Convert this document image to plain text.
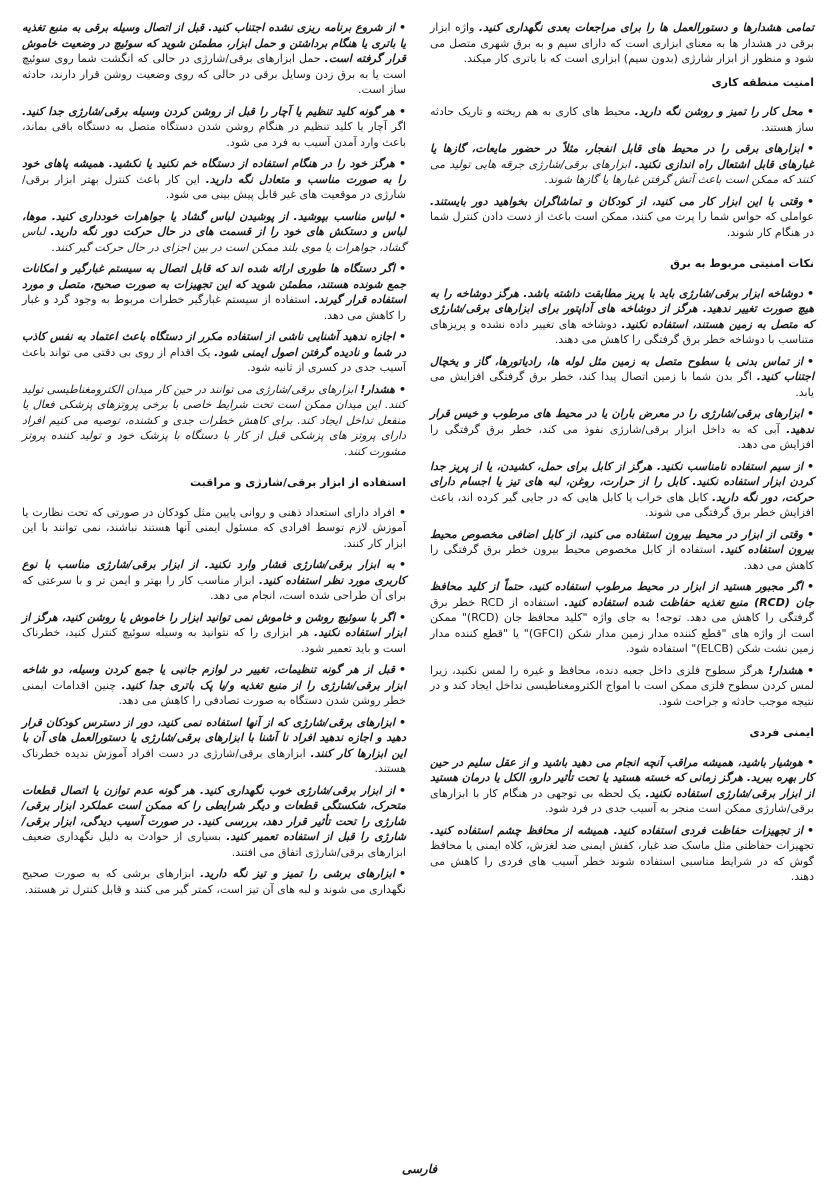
تمامی هشدارها و دستورالعمل ها را برای مراجعات بعدی نگهداری کنید. واژه ابزار برقی در هشدار ها به معنای ابزاری است که دارای سیم و به برق شهری متصل می شود و منظور از ابزار شارژی (بدون سیم) ابزاری است که با باتری کار میکند.

امنیت منطقه کاری

•محل کار را تمیز و روشن نگه دارید. محیط های کاری به هم ریخته و تاریک حادثه ساز هستند.

•ابزارهای برقی را در محیط های قابل انفجار، مثلاً در حضور مایعات، گازها یا غبارهای قابل اشتعال راه اندازی نکنید. ابزارهای برقی/شارژی جرقه هایی تولید می کنند که ممکن است باعث آتش گرفتن غبارها یا گازها شوند.

•وقتی با این ابزار کار می کنید، از کودکان و تماشاگران بخواهید دور بایستند. عواملی که حواس شما را پرت می کنند، ممکن است باعث از دست دادن کنترل شما در هنگام کار شوند.

نکات امنیتی مربوط به برق

•دوشاخه ابزار برقی/شارژی باید با پریز مطابقت داشته باشد. هرگز دوشاخه را به هیچ صورت تغییر ندهید. هرگز از دوشاخه های آداپتور برای ابزارهای برقی/شارژی که متصل به زمین هستند، استفاده نکنید. دوشاخه های تغییر داده نشده و پریزهای متناسب با دوشاخه خطر برق گرفتگی را کاهش می دهند.

•از تماس بدنی با سطوح متصل به زمین مثل لوله ها، رادیاتورها، گاز و یخچال اجتناب کنید. اگر بدن شما با زمین اتصال پیدا کند، خطر برق گرفتگی افزایش می یابد.

•ابزارهای برقی/شارژی را در معرض باران یا در محیط های مرطوب و خیس قرار ندهید. آبی که به داخل ابزار برقی/شارژی نفوذ می کند، خطر برق گرفتگی را افزایش می دهد.

•از سیم استفاده نامناسب نکنید. هرگز از کابل برای حمل، کشیدن، یا از پریز جدا کردن ابزار استفاده نکنید. کابل را از حرارت، روغن، لبه های تیز یا اجسام دارای حرکت، دور نگه دارید. کابل های خراب یا کابل هایی که در جایی گیر کرده اند، باعث افزایش خطر برق گرفتگی می شوند.

•وقتی از ابزار در محیط بیرون استفاده می کنید، از کابل اضافی مخصوص محیط بیرون استفاده کنید. استفاده از کابل مخصوص محیط بیرون خطر برق گرفتگی را کاهش می دهد.

•اگر مجبور هستید از ابزار در محیط مرطوب استفاده کنید، حتماً از کلید محافظ جان (RCD) منبع تغذیه حفاظت شده استفاده کنید. استفاده از RCD خطر برق گرفتگی را کاهش می دهد. توجه! به جای واژه "کلید محافظ جان (RCD)" ممکن است از واژه های "قطع کننده مدار زمین مدار شکن (GFCI)" یا "قطع کننده مدار زمین نشت شکن (ELCB)" استفاده شود.

•هشدار! هرگز سطوح فلزی داخل جعبه دنده، محافظ و غیره را لمس نکنید، زیرا لمس کردن سطوح فلزی ممکن است با امواج الکترومغناطیسی تداخل ایجاد کند و در نتیجه موجب حادثه و جراحت شود.

ایمنی فردی

•هوشیار باشید، همیشه مراقب آنچه انجام می دهید باشید و از عقل سلیم در حین کار بهره ببرید. هرگز زمانی که خسته هستید یا تحت تأثیر دارو، الکل یا درمان هستید از ابزار برقی/شارژی استفاده نکنید. یک لحظه بی توجهی در هنگام کار با ابزارهای برقی/شارژی ممکن است منجر به آسیب جدی در فرد شود.

•از تجهیزات حفاظت فردی استفاده کنید. همیشه از محافظ چشم استفاده کنید. تجهیزات حفاظتی مثل ماسک ضد غبار، کفش ایمنی ضد لغزش، کلاه ایمنی یا محافظ گوش که در شرایط مناسبی استفاده شوند خطر آسیب های فردی را کاهش می دهند.

•از شروع برنامه ریزی نشده اجتناب کنید. قبل از اتصال وسیله برقی به منبع تغذیه یا باتری یا هنگام برداشتن و حمل ابزار، مطمئن شوید که سوئیچ در وضعیت خاموش قرار گرفته است. حمل ابزارهای برقی/شارژی در حالی که انگشت شما روی سوئیچ است یا به برق زدن وسایل برقی در حالی که روی وضعیت روشن قرار دارند، حادثه ساز است.

•هر گونه کلید تنظیم یا آچار را قبل از روشن کردن وسیله برقی/شارژی جدا کنید. اگر آچار یا کلید تنظیم در هنگام روشن شدن دستگاه متصل به دستگاه باقی بماند، باعث وارد آمدن آسیب به فرد می شود.

•هرگز خود را در هنگام استفاده از دستگاه خم نکنید یا نکشید. همیشه پاهای خود را به صورت مناسب و متعادل نگه دارید. این کار باعث کنترل بهتر ابزار برقی/شارژی در موقعیت های غیر قابل پیش بینی می شود.

•لباس مناسب بپوشید. از پوشیدن لباس گشاد یا جواهرات خودداری کنید. موها، لباس و دستکش های خود را از قسمت های در حال حرکت دور نگه دارید. لباس گشاد، جواهرات یا موی بلند ممکن است در بین اجزای در حال حرکت گیر کنند.

•اگر دستگاه ها طوری ارائه شده اند که قابل اتصال به سیستم غبارگیر و امکانات جمع شونده هستند، مطمئن شوید که این تجهیزات به صورت صحیح، متصل و مورد استفاده قرار گیرند. استفاده از سیستم غبارگیر خطرات مربوط به وجود گرد و غبار را کاهش می دهد.

•اجازه ندهید آشنایی ناشی از استفاده مکرر از دستگاه باعث اعتماد به نفس کاذب در شما و نادیده گرفتن اصول ایمنی شود. یک اقدام از روی بی دقتی می تواند باعث آسیب جدی در کسری از ثانیه شود.

•هشدار! ابزارهای برقی/شارژی می توانند در حین کار میدان الکترومغناطیسی تولید کنند. این میدان ممکن است تحت شرایط خاصی با برخی پروتزهای پزشکی فعال یا منفعل تداخل ایجاد کند. برای کاهش خطرات جدی و کشنده، توصیه می کنیم افراد دارای پروتز های پزشکی قبل از کار با دستگاه با پزشک خود و تولید کننده پروتز مشورت کنند.

استفاده از ابزار برقی/شارژی و مراقبت

•افراد دارای استعداد ذهنی و روانی پایین مثل کودکان در صورتی که تحت نظارت یا آموزش لازم توسط افرادی که مسئول ایمنی آنها هستند نباشند، نمی توانند با این ابزار کار کنند.

•به ابزار برقی/شارژی فشار وارد نکنید. از ابزار برقی/شارژی مناسب با نوع کاربری مورد نظر استفاده کنید. ابزار مناسب کار را بهتر و ایمن تر و با سرعتی که برای آن طراحی شده است، انجام می دهد.

•اگر با سوئیچ روشن و خاموش نمی توانید ابزار را خاموش یا روشن کنید، هرگز از ابزار استفاده نکنید. هر ابزاری را که نتوانید به وسیله سوئیچ کنترل کنید، خطرناک است و باید تعمیر شود.

•قبل از هر گونه تنظیمات، تغییر در لوازم جانبی یا جمع کردن وسیله، دو شاخه ابزار برقی/شارژی را از منبع تغذیه و/یا پک باتری جدا کنید. چنین اقدامات ایمنی خطر روشن شدن دستگاه به صورت تصادفی را کاهش می دهد.

•ابزارهای برقی/شارژی که از آنها استفاده نمی کنید، دور از دسترس کودکان قرار دهید و اجازه ندهید افراد نا آشنا با ابزارهای برقی/شارژی یا دستورالعمل های آن با این ابزارها کار کنند. ابزارهای برقی/شارژی در دست افراد آموزش ندیده خطرناک هستند.

•از ابزار برقی/شارژی خوب نگهداری کنید. هر گونه عدم توازن یا اتصال قطعات متحرک، شکستگی قطعات و دیگر شرایطی را که ممکن است عملکرد ابزار برقی/شارژی را تحت تأثیر قرار دهد، بررسی کنید. در صورت آسیب دیدگی، ابزار برقی/شارژی را قبل از استفاده تعمیر کنید. بسیاری از حوادث به دلیل نگهداری ضعیف ابزارهای برقی/شارژی اتفاق می افتند.

•ابزارهای برشی را تمیز و تیز نگه دارید. ابزارهای برشی که به صورت صحیح نگهداری می شوند و لبه های آن تیز است، کمتر گیر می کنند و قابل کنترل تر هستند.

فارسی
